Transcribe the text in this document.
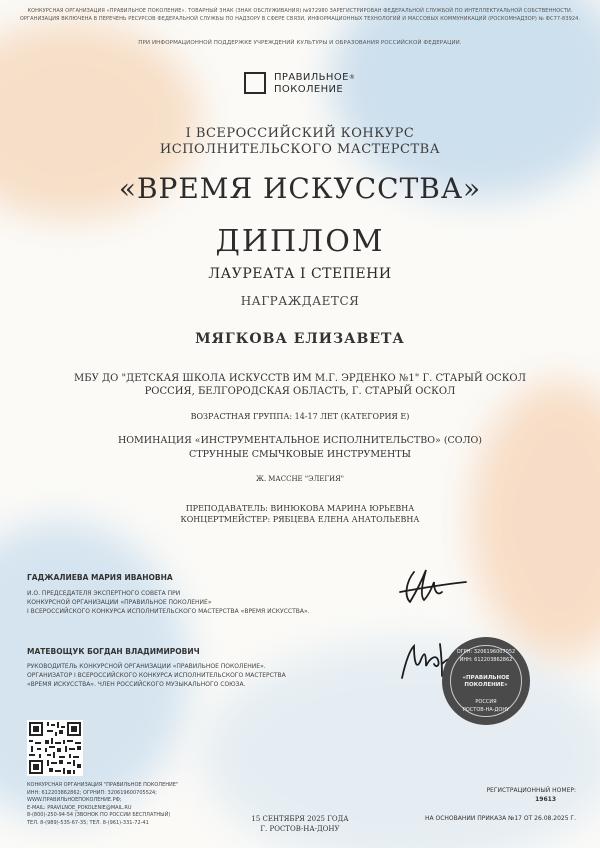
КОНКУРСНАЯ ОРГАНИЗАЦИЯ «ПРАВИЛЬНОЕ ПОКОЛЕНИЕ». ТОВАРНЫЙ ЗНАК (ЗНАК ОБСЛУЖИВАНИЯ) №972980 ЗАРЕГИСТРИРОВАН ФЕДЕРАЛЬНОЙ СЛУЖБОЙ ПО ИНТЕЛЛЕКТУАЛЬНОЙ СОБСТВЕННОСТИ.
ОРГАНИЗАЦИЯ ВКЛЮЧЕНА В ПЕРЕЧЕНЬ РЕСУРСОВ ФЕДЕРАЛЬНОЙ СЛУЖБЫ ПО НАДЗОРУ В СФЕРЕ СВЯЗИ, ИНФОРМАЦИОННЫХ ТЕХНОЛОГИЙ И МАССОВЫХ КОММУНИКАЦИЙ (РОСКОМНАДЗОР) № ФС77-83924.
ПРИ ИНФОРМАЦИОННОЙ ПОДДЕРЖКЕ УЧРЕЖДЕНИЙ КУЛЬТУРЫ И ОБРАЗОВАНИЯ РОССИЙСКОЙ ФЕДЕРАЦИИ.
ПРАВИЛЬНОЕ®
ПОКОЛЕНИЕ
I ВСЕРОССИЙСКИЙ КОНКУРС
ИСПОЛНИТЕЛЬСКОГО МАСТЕРСТВА
«ВРЕМЯ ИСКУССТВА»
ДИПЛОМ
ЛАУРЕАТА I СТЕПЕНИ
НАГРАЖДАЕТСЯ
МЯГКОВА ЕЛИЗАВЕТА
МБУ ДО "ДЕТСКАЯ ШКОЛА ИСКУССТВ ИМ М.Г. ЭРДЕНКО №1" Г. СТАРЫЙ ОСКОЛ
РОССИЯ, БЕЛГОРОДСКАЯ ОБЛАСТЬ, Г. СТАРЫЙ ОСКОЛ
ВОЗРАСТНАЯ ГРУППА: 14-17 ЛЕТ (КАТЕГОРИЯ E)
НОМИНАЦИЯ «ИНСТРУМЕНТАЛЬНОЕ ИСПОЛНИТЕЛЬСТВО» (СОЛО)
СТРУННЫЕ СМЫЧКОВЫЕ ИНСТРУМЕНТЫ
Ж. МАССНЕ "ЭЛЕГИЯ"
ПРЕПОДАВАТЕЛЬ: ВИНЮКОВА МАРИНА ЮРЬЕВНА
КОНЦЕРТМЕЙСТЕР: РЯБЦЕВА ЕЛЕНА АНАТОЛЬЕВНА
ГАДЖАЛИЕВА МАРИЯ ИВАНОВНА
И.О. ПРЕДСЕДАТЕЛЯ ЭКСПЕРТНОГО СОВЕТА ПРИ
КОНКУРСНОЙ ОРГАНИЗАЦИИ «ПРАВИЛЬНОЕ ПОКОЛЕНИЕ»
I ВСЕРОССИЙСКОГО КОНКУРСА ИСПОЛНИТЕЛЬСКОГО МАСТЕРСТВА «ВРЕМЯ ИСКУССТВА».
МАТЕВОЩУК БОГДАН ВЛАДИМИРОВИЧ
РУКОВОДИТЕЛЬ КОНКУРСНОЙ ОРГАНИЗАЦИИ «ПРАВИЛЬНОЕ ПОКОЛЕНИЕ».
ОРГАНИЗАТОР I ВСЕРОССИЙСКОГО КОНКУРСА ИСПОЛНИТЕЛЬСКОГО МАСТЕРСТВА
«ВРЕМЯ ИСКУССТВА». ЧЛЕН РОССИЙСКОГО МУЗЫКАЛЬНОГО СОЮЗА.
ОГРН: 3206196007052
ИНН: 612203862862
«ПРАВИЛЬНОЕ ПОКОЛЕНИЕ»
РОССИЯ
РОСТОВ-НА-ДОНУ
КОНКУРСНАЯ ОРГАНИЗАЦИЯ "ПРАВИЛЬНОЕ ПОКОЛЕНИЕ"
ИНН: 612203862862; ОГРНИП: 320619600705524;
WWW.ПРАВИЛЬНОЕПОКОЛЕНИЕ.РФ;
E-MAIL: PRAVILNOE_POKOLENIE@MAIL.RU
8-(800)-250-94-54 (ЗВОНОК ПО РОССИИ БЕСПЛАТНЫЙ)
ТЕЛ. 8-(989)-535-67-35; ТЕЛ. 8-(961)-331-72-41	15 СЕНТЯБРЯ 2025 ГОДА
Г. РОСТОВ-НА-ДОНУ
РЕГИСТРАЦИОННЫЙ НОМЕР:
19613
НА ОСНОВАНИИ ПРИКАЗА №17 ОТ 26.08.2025 Г.
